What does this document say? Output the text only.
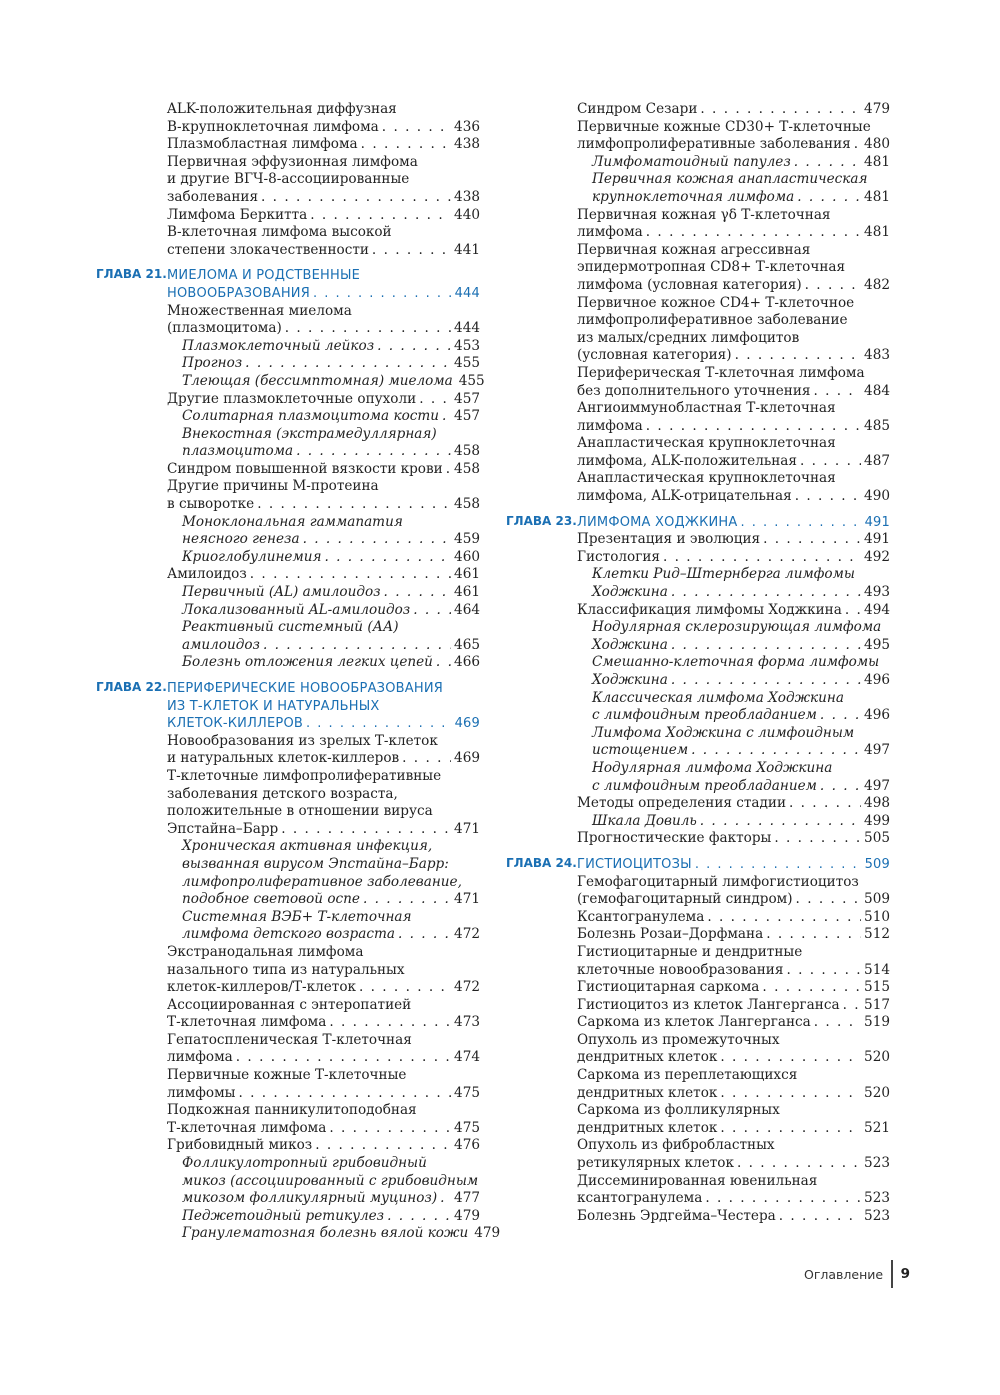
ALK-положительная диффузная
В-крупноклеточная лимфома . . .	436
Плазмобластная лимфома . . .	438
Первичная эффузионная лимфома
и другие ВГЧ-8-ассоциированные
заболевания . . .	438
Лимфома Беркитта . . .	440
В-клеточная лимфома высокой
степени злокачественности . . .	441
ГЛАВА 21. МИЕЛОМА И РОДСТВЕННЫЕ
НОВООБРАЗОВАНИЯ . . .	444
Множественная миелома
(плазмоцитома) . . .	444
Плазмоклеточный лейкоз . . .	453
Прогноз . . .	455
Тлеющая (бессимптомная) миелома 455
Другие плазмоклеточные опухоли . . .	457
Солитарная плазмоцитома кости . . . 457
Внекостная (экстрамедуллярная)
плазмоцитома . . .	458
Синдром повышенной вязкости крови . . . 458
Другие причины М-протеина
в сыворотке . . .	458
Моноклональная гаммапатия
неясного генеза . . .	459
Криоглобулинемия . . .	460
Амилоидоз . . .	461
Первичный (AL) амилоидоз . . .	461
Локализованный AL-амилоидоз . . .	464
Реактивный системный (АА)
амилоидоз . . .	465
Болезнь отложения легких цепей . . . 466
ГЛАВА 22. ПЕРИФЕРИЧЕСКИЕ НОВООБРАЗОВАНИЯ
ИЗ Т-КЛЕТОК И НАТУРАЛЬНЫХ
КЛЕТОК-КИЛЛЕРОВ . . .	469
Новообразования из зрелых Т-клеток
и натуральных клеток-киллеров . . .	469
Т-клеточные лимфопролиферативные
заболевания детского возраста,
положительные в отношении вируса
Эпстайна–Барр . . .	471
Хроническая активная инфекция,
вызванная вирусом Эпстайна–Барр:
лимфопролиферативное заболевание,
подобное световой оспе . . .	471
Системная ВЭБ+ Т-клеточная
лимфома детского возраста . . .	472
Экстранодальная лимфома
назального типа из натуральных
клеток-киллеров/Т-клеток . . .	472
Ассоциированная с энтеропатией
Т-клеточная лимфома . . .	473
Гепатоспленическая Т-клеточная
лимфома . . .	474
Первичные кожные Т-клеточные
лимфомы . . .	475
Подкожная панникулитоподобная
Т-клеточная лимфома . . .	475
Грибовидный микоз . . .	476
Фолликулотропный грибовидный
микоз (ассоциированный с грибовидным
микозом фолликулярный муциноз) . . . 477
Педжетоидный ретикулез . . .	479
Гранулематозная болезнь вялой кожи 479
Синдром Сезари . . .	479
Первичные кожные CD30+ Т-клеточные
лимфопролиферативные заболевания . . . 480
Лимфоматоидный папулез . . .	481
Первичная кожная анапластическая
крупноклеточная лимфома . . .	481
Первичная кожная γδ Т-клеточная
лимфома . . .	481
Первичная кожная агрессивная
эпидермотропная CD8+ Т-клеточная
лимфома (условная категория) . . .	482
Первичное кожное CD4+ Т-клеточное
лимфопролиферативное заболевание
из малых/средних лимфоцитов
(условная категория) . . .	483
Периферическая Т-клеточная лимфома
без дополнительного уточнения . . .	484
Ангиоиммунобластная Т-клеточная
лимфома . . .	485
Анапластическая крупноклеточная
лимфома, ALK-положительная . . .	487
Анапластическая крупноклеточная
лимфома, ALK-отрицательная . . .	490
ГЛАВА 23. ЛИМФОМА ХОДЖКИНА . . .	491
Презентация и эволюция . . .	491
Гистология . . .	492
Клетки Рид–Штернберга лимфомы
Ходжкина . . .	493
Классификация лимфомы Ходжкина . . . 494
Нодулярная склерозирующая лимфома
Ходжкина . . .	495
Смешанно-клеточная форма лимфомы
Ходжкина . . .	496
Классическая лимфома Ходжкина
с лимфоидным преобладанием . . .	496
Лимфома Ходжкина с лимфоидным
истощением . . .	497
Нодулярная лимфома Ходжкина
с лимфоидным преобладанием . . .	497
Методы определения стадии . . .	498
Шкала Довиль . . .	499
Прогностические факторы . . .	505
ГЛАВА 24. ГИСТИОЦИТОЗЫ . . .	509
Гемофагоцитарный лимфогистиоцитоз
(гемофагоцитарный синдром) . . .	509
Ксантогранулема . . .	510
Болезнь Розаи–Дорфмана . . .	512
Гистиоцитарные и дендритные
клеточные новообразования . . .	514
Гистиоцитарная саркома . . .	515
Гистиоцитоз из клеток Лангерганса . . . 517
Саркома из клеток Лангерганса . . .	519
Опухоль из промежуточных
дендритных клеток . . .	520
Саркома из переплетающихся
дендритных клеток . . .	520
Саркома из фолликулярных
дендритных клеток . . .	521
Опухоль из фибробластных
ретикулярных клеток . . .	523
Диссеминированная ювенильная
ксантогранулема . . .	523
Болезнь Эрдгейма–Честера . . .	523
Оглавление	9
